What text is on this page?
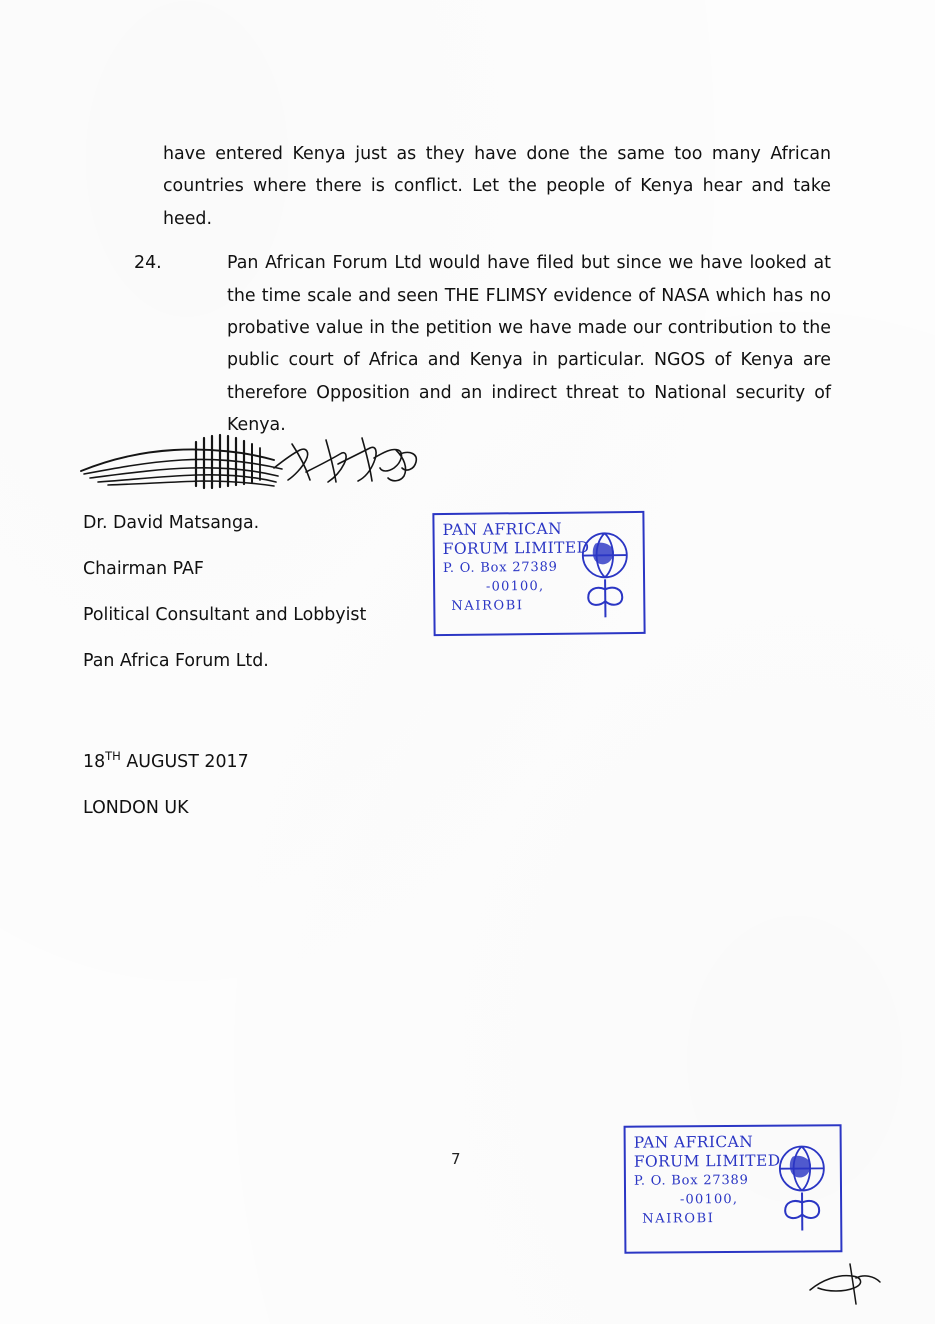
have entered Kenya just as they have done the same too many African countries where there is conflict. Let the people of Kenya hear and take heed.

24.	Pan African Forum Ltd would have filed but since we have looked at the time scale and seen THE FLIMSY evidence of NASA which has no probative value in the petition we have made our contribution to the public court of Africa and Kenya in particular. NGOS of Kenya are therefore Opposition and an indirect threat to National security of Kenya.

Dr. David Matsanga.
Chairman PAF
Political Consultant and Lobbyist
Pan Africa Forum Ltd.
18TH AUGUST 2017
LONDON UK
PAN AFRICAN
FORUM LIMITED
P. O. Box 27389
-00100,
NAIROBI
7
PAN AFRICAN
FORUM LIMITED
P. O. Box 27389
-00100,
NAIROBI
